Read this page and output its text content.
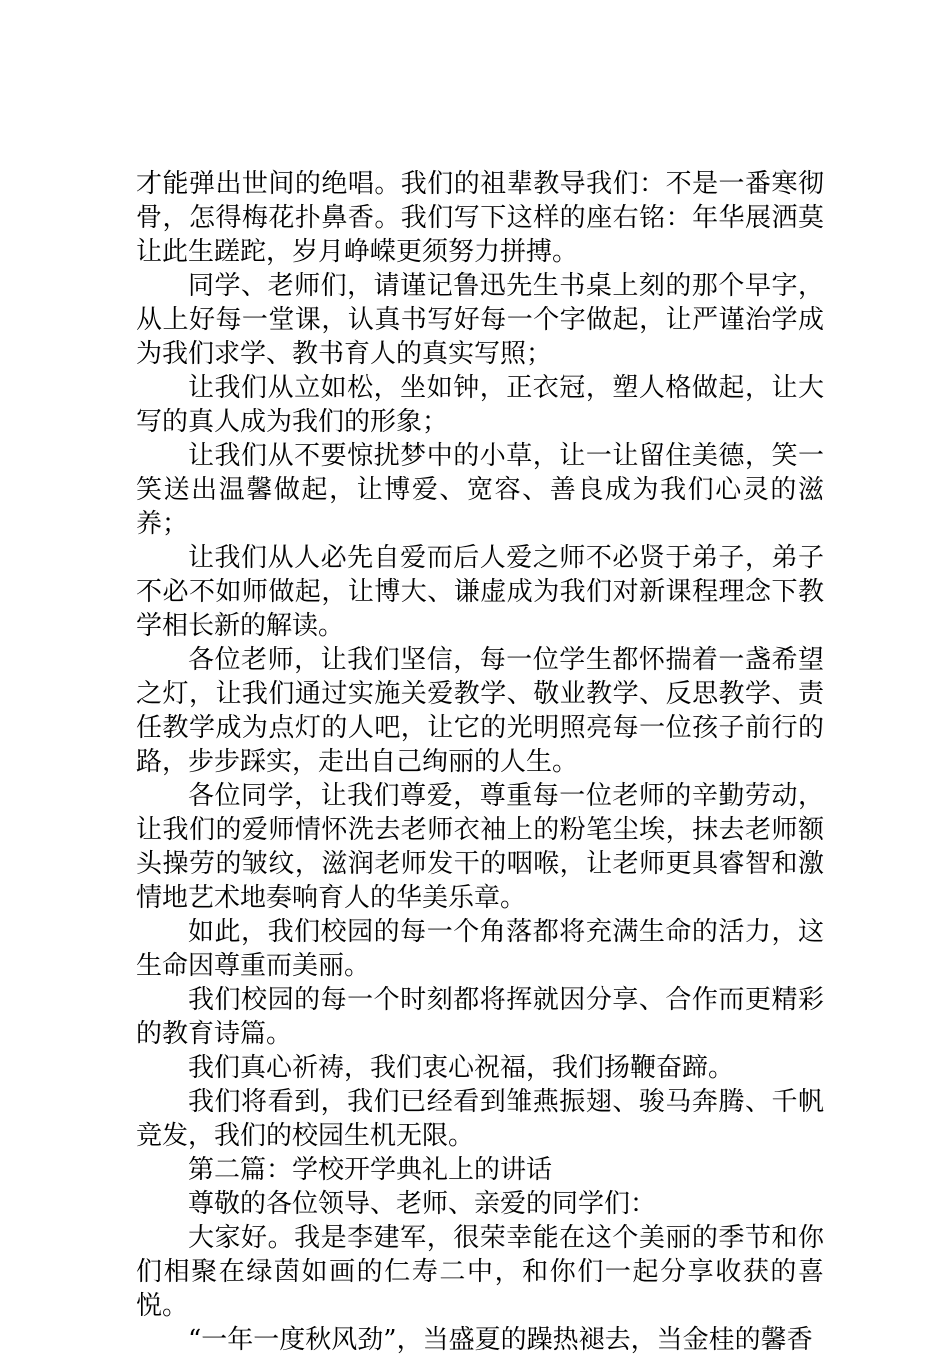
才能弹出世间的绝唱。我们的祖辈教导我们：不是一番寒彻骨，怎得梅花扑鼻香。我们写下这样的座右铭：年华展洒莫让此生蹉跎，岁月峥嵘更须努力拼搏。

同学、老师们，请谨记鲁迅先生书桌上刻的那个早字，从上好每一堂课，认真书写好每一个字做起，让严谨治学成为我们求学、教书育人的真实写照；

让我们从立如松，坐如钟，正衣冠，塑人格做起，让大写的真人成为我们的形象；

让我们从不要惊扰梦中的小草，让一让留住美德，笑一笑送出温馨做起，让博爱、宽容、善良成为我们心灵的滋养；

让我们从人必先自爱而后人爱之师不必贤于弟子，弟子不必不如师做起，让博大、谦虚成为我们对新课程理念下教学相长新的解读。

各位老师，让我们坚信，每一位学生都怀揣着一盏希望之灯，让我们通过实施关爱教学、敬业教学、反思教学、责任教学成为点灯的人吧，让它的光明照亮每一位孩子前行的路，步步踩实，走出自己绚丽的人生。

各位同学，让我们尊爱，尊重每一位老师的辛勤劳动，让我们的爱师情怀洗去老师衣袖上的粉笔尘埃，抹去老师额头操劳的皱纹，滋润老师发干的咽喉，让老师更具睿智和激情地艺术地奏响育人的华美乐章。

如此，我们校园的每一个角落都将充满生命的活力，这生命因尊重而美丽。

我们校园的每一个时刻都将挥就因分享、合作而更精彩的教育诗篇。

我们真心祈祷，我们衷心祝福，我们扬鞭奋蹄。

我们将看到，我们已经看到雏燕振翅、骏马奔腾、千帆竞发，我们的校园生机无限。

第二篇：学校开学典礼上的讲话

尊敬的各位领导、老师、亲爱的同学们：

大家好。我是李建军，很荣幸能在这个美丽的季节和你们相聚在绿茵如画的仁寿二中，和你们一起分享收获的喜悦。

“一年一度秋风劲”，当盛夏的躁热褪去，当金桂的馨香
